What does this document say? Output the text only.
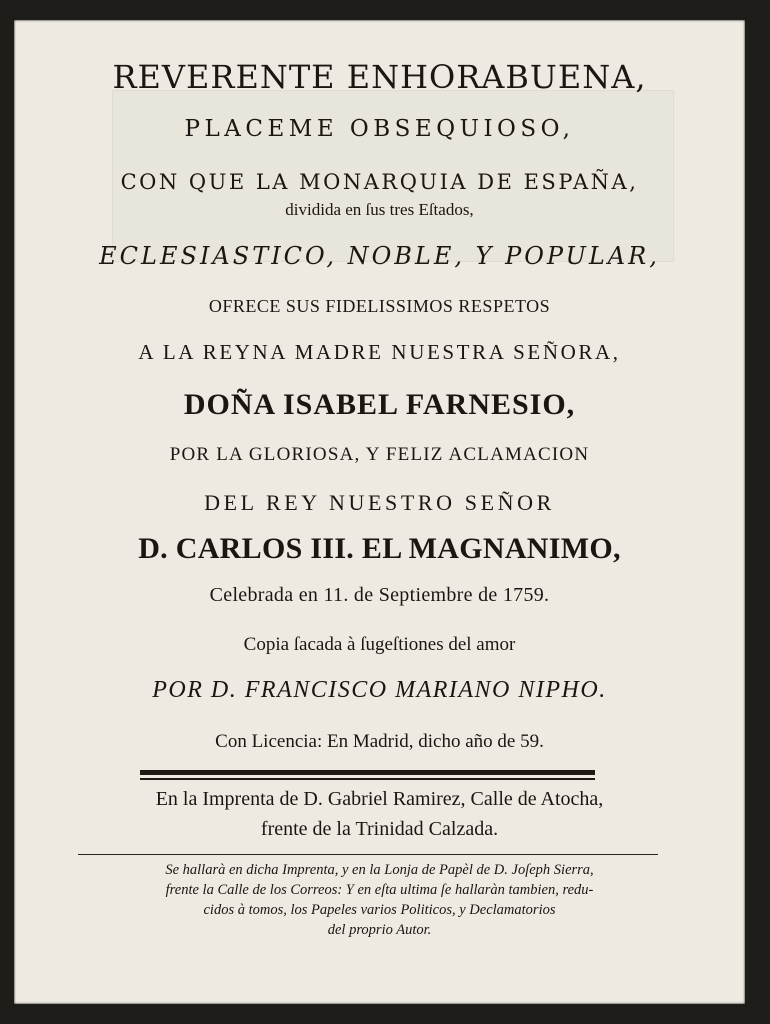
REVERENTE ENHORABUENA,
PLACEME OBSEQUIOSO,
CON QUE LA MONARQUIA DE ESPAÑA,
dividida en ſus tres Eſtados,
ECLESIASTICO, NOBLE, Y POPULAR,
OFRECE SUS FIDELISSIMOS RESPETOS
A LA REYNA MADRE NUESTRA SEÑORA,
DOÑA ISABEL FARNESIO,
POR LA GLORIOSA, Y FELIZ ACLAMACION
DEL REY NUESTRO SEÑOR
D. CARLOS III. EL MAGNANIMO,
Celebrada en 11. de Septiembre de 1759.
Copia ſacada à ſugeſtiones del amor
POR D. FRANCISCO MARIANO NIPHO.
Con Licencia: En Madrid, dicho año de 59.
En la Imprenta de D. Gabriel Ramirez, Calle de Atocha,
frente de la Trinidad Calzada.
Se hallarà en dicha Imprenta, y en la Lonja de Papèl de D. Joſeph Sierra,
frente la Calle de los Correos: Y en eſta ultima ſe hallaràn tambien, redu-
cidos à tomos, los Papeles varios Politicos, y Declamatorios
del proprio Autor.
